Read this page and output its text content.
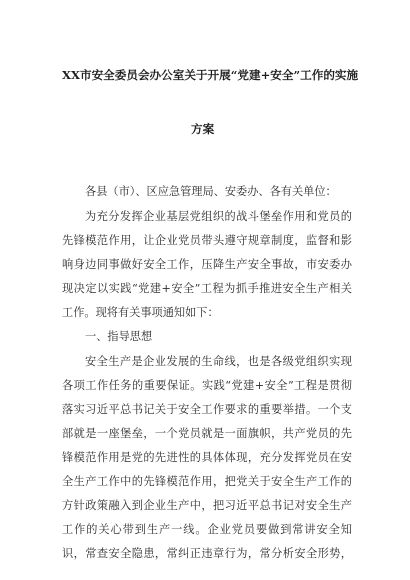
XX市安全委员会办公室关于开展“党建+安全”工作的实施
方案
各县（市）、区应急管理局、安委办、各有关单位：
为充分发挥企业基层党组织的战斗堡垒作用和党员的
先锋模范作用，让企业党员带头遵守规章制度，监督和影
响身边同事做好安全工作，压降生产安全事故，市安委办
现决定以实践“党建+安全”工程为抓手推进安全生产相关
工作。现将有关事项通知如下：
一、指导思想
安全生产是企业发展的生命线，也是各级党组织实现
各项工作任务的重要保证。实践“党建+安全”工程是贯彻
落实习近平总书记关于安全工作要求的重要举措。一个支
部就是一座堡垒，一个党员就是一面旗帜，共产党员的先
锋模范作用是党的先进性的具体体现，充分发挥党员在安
全生产工作中的先锋模范作用，把党关于安全生产工作的
方针政策融入到企业生产中，把习近平总书记对安全生产
工作的关心带到生产一线。企业党员要做到常讲安全知
识，常查安全隐患，常纠正违章行为，常分析安全形势，
